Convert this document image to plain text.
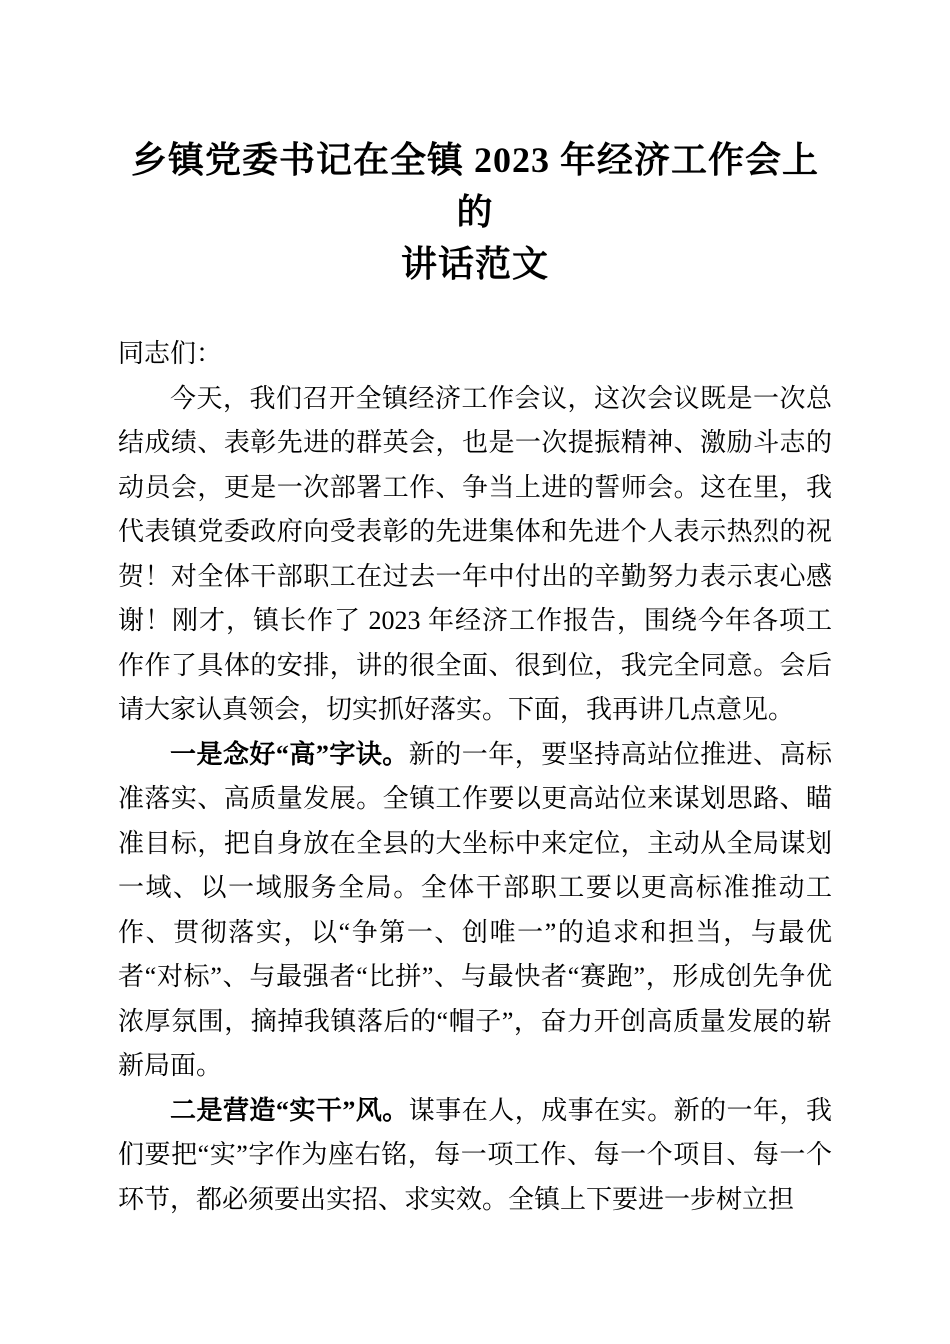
乡镇党委书记在全镇 2023 年经济工作会上的
讲话范文

同志们：

今天，我们召开全镇经济工作会议，这次会议既是一次总结成绩、表彰先进的群英会，也是一次提振精神、激励斗志的动员会，更是一次部署工作、争当上进的誓师会。这在里，我代表镇党委政府向受表彰的先进集体和先进个人表示热烈的祝贺！对全体干部职工在过去一年中付出的辛勤努力表示衷心感谢！刚才，镇长作了 2023 年经济工作报告，围绕今年各项工作作了具体的安排，讲的很全面、很到位，我完全同意。会后请大家认真领会，切实抓好落实。下面，我再讲几点意见。

一是念好“高”字诀。新的一年，要坚持高站位推进、高标准落实、高质量发展。全镇工作要以更高站位来谋划思路、瞄准目标，把自身放在全县的大坐标中来定位，主动从全局谋划一域、以一域服务全局。全体干部职工要以更高标准推动工作、贯彻落实，以“争第一、创唯一”的追求和担当，与最优者“对标”、与最强者“比拼”、与最快者“赛跑”，形成创先争优浓厚氛围，摘掉我镇落后的“帽子”，奋力开创高质量发展的崭新局面。

二是营造“实干”风。谋事在人，成事在实。新的一年，我们要把“实”字作为座右铭，每一项工作、每一个项目、每一个环节，都必须要出实招、求实效。全镇上下要进一步树立担
